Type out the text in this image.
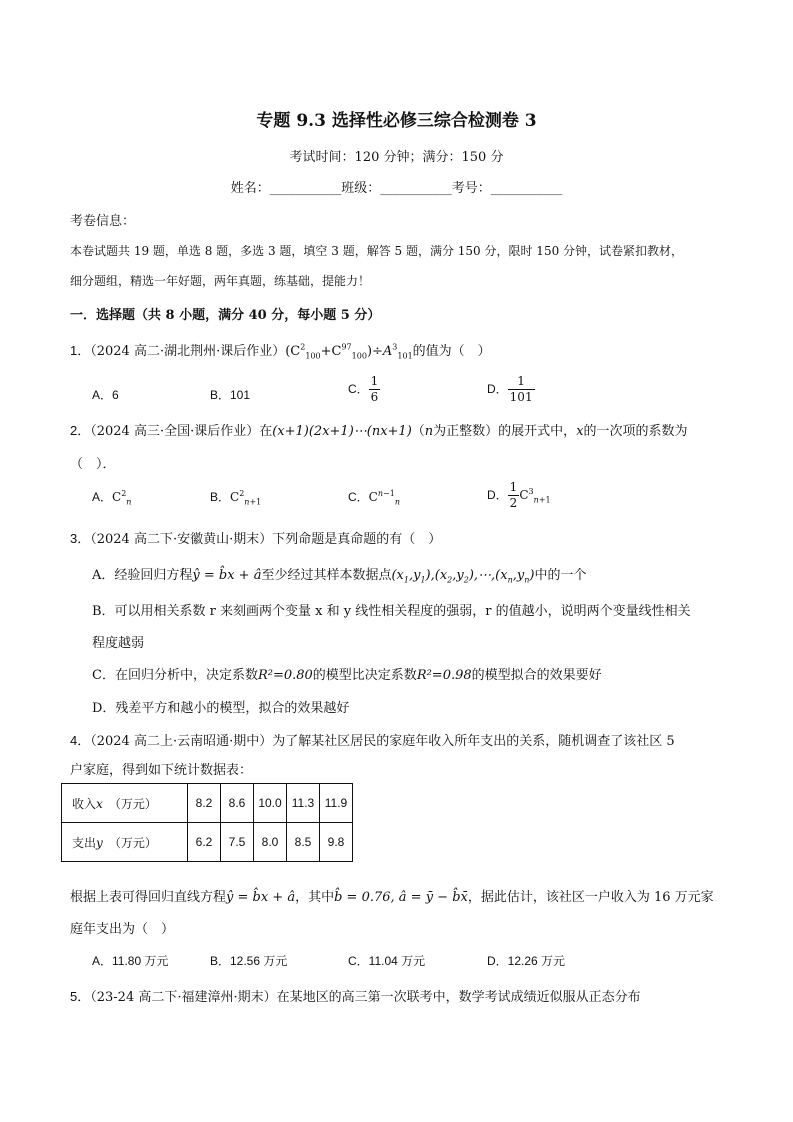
专题 9.3 选择性必修三综合检测卷 3
考试时间：120 分钟；满分：150 分
姓名：___________班级：___________考号：___________
考卷信息：
本卷试题共 19 题，单选 8 题，多选 3 题，填空 3 题，解答 5 题，满分 150 分，限时 150 分钟，试卷紧扣教材，
细分题组，精选一年好题，两年真题，练基础，提能力！
一．选择题（共 8 小题，满分 40 分，每小题 5 分）
1．（2024 高二·湖北荆州·课后作业）$(C^2_{100}+C^{97}_{100})\div A^3_{101}$的值为（　）
A．6	B．101	C． $\frac{1}{6}$	D． $\frac{1}{101}$
2．（2024 高三·全国·课后作业）在(x+1)(2x+1)⋯(nx+1)（n为正整数）的展开式中，x的一次项的系数为
（　）．
A．$C^2_n$	B．$C^2_{n+1}$	C．$C^{n-1}_n$	D． $\frac{1}{2} C^3_{n+1}$
3．（2024 高二下·安徽黄山·期末）下列命题是真命题的有（　）
A．经验回归方程ŷ = b̂x + â至少经过其样本数据点$(x_1,y_1),(x_2,y_2),\cdots,(x_n,y_n)$中的一个
B．可以用相关系数 r 来刻画两个变量 x 和 y 线性相关程度的强弱，r 的值越小，说明两个变量线性相关
程度越弱
C．在回归分析中，决定系数R²=0.80的模型比决定系数R²=0.98的模型拟合的效果要好
D．残差平方和越小的模型，拟合的效果越好
4．（2024 高二上·云南昭通·期中）为了解某社区居民的家庭年收入所年支出的关系，随机调查了该社区 5
户家庭，得到如下统计数据表：
收入x　 （万元）	8.2	8.6	10.0	11.3	11.9
支出y　 （万元）	6.2	7.5	8.0	8.5	9.8
根据上表可得回归直线方程ŷ = b̂x + â，其中b̂ = 0.76, â = ȳ − b̂x̄，据此估计，该社区一户收入为 16 万元家
庭年支出为（　）
A．11.80 万元	B．12.56 万元	C．11.04 万元	D．12.26 万元
5．（23-24 高二下·福建漳州·期末）在某地区的高三第一次联考中，数学考试成绩近似服从正态分布
